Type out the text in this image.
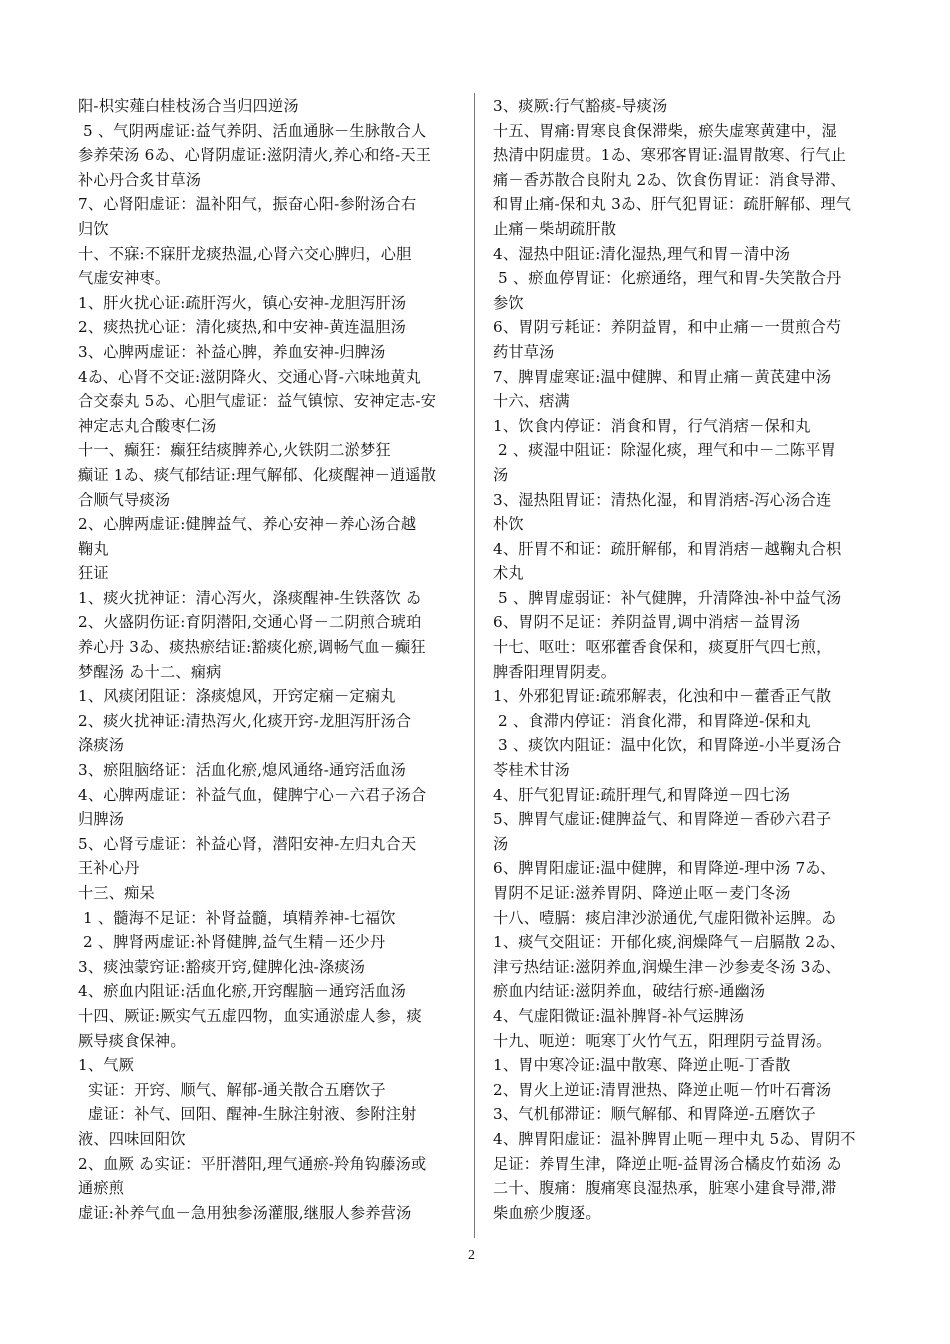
阳-枳实薤白桂枝汤合当归四逆汤
5 、气阴两虚证:益气养阴、活血通脉－生脉散合人
参养荣汤 6ゐ、心肾阴虚证:滋阴清火,养心和络-天王
补心丹合炙甘草汤
7、心肾阳虚证：温补阳气，振奋心阳-参附汤合右
归饮
十、不寐:不寐肝龙痰热温,心肾六交心脾归，心胆
气虚安神枣。
1、肝火扰心证:疏肝泻火，镇心安神-龙胆泻肝汤
2、痰热扰心证：清化痰热,和中安神-黄连温胆汤
3、心脾两虚证：补益心脾，养血安神-归脾汤
4ゐ、心肾不交证:滋阴降火、交通心肾-六味地黄丸
合交泰丸 5ゐ、心胆气虚证：益气镇惊、安神定志-安
神定志丸合酸枣仁汤
十一、癫狂：癫狂结痰脾养心,火铁阴二淤梦狂
癫证 1ゐ、痰气郁结证:理气解郁、化痰醒神－逍遥散
合顺气导痰汤
2、心脾两虚证:健脾益气、养心安神－养心汤合越
鞠丸
狂证
1、痰火扰神证：清心泻火，涤痰醒神-生铁落饮 ゐ
2、火盛阴伤证:育阴潜阳,交通心肾－二阴煎合琥珀
养心丹 3ゐ、痰热瘀结证:豁痰化瘀,调畅气血－癫狂
梦醒汤 ゐ十二、痫病
1、风痰闭阻证：涤痰熄风，开窍定痫－定痫丸
2、痰火扰神证:清热泻火,化痰开窍-龙胆泻肝汤合
涤痰汤
3、瘀阻脑络证：活血化瘀,熄风通络-通窍活血汤
4、心脾两虚证：补益气血，健脾宁心－六君子汤合
归脾汤
5、心肾亏虚证：补益心肾，潜阳安神-左归丸合天
王补心丹
十三、痴呆
1 、髓海不足证：补肾益髓，填精养神-七福饮
2 、脾肾两虚证:补肾健脾,益气生精－还少丹
3、痰浊蒙窍证:豁痰开窍,健脾化浊-涤痰汤
4、瘀血内阻证:活血化瘀,开窍醒脑－通窍活血汤
十四、厥证:厥实气五虚四物，血实通淤虚人参，痰
厥导痰食保神。
1、气厥
实证：开窍、顺气、解郁-通关散合五磨饮子
虚证：补气、回阳、醒神-生脉注射液、参附注射
液、四味回阳饮
2、血厥 ゐ实证：平肝潜阳,理气通瘀-羚角钩藤汤或
通瘀煎
虚证:补养气血－急用独参汤灌服,继服人参养营汤
3、痰厥:行气豁痰-导痰汤
十五、胃痛:胃寒良食保滞柴，瘀失虚寒黄建中，湿
热清中阴虚贯。1ゐ、寒邪客胃证:温胃散寒、行气止
痛－香苏散合良附丸 2ゐ、饮食伤胃证：消食导滞、
和胃止痛-保和丸 3ゐ、肝气犯胃证：疏肝解郁、理气
止痛－柴胡疏肝散
4、湿热中阻证:清化湿热,理气和胃－清中汤
5 、瘀血停胃证：化瘀通络，理气和胃-失笑散合丹
参饮
6、胃阴亏耗证：养阴益胃，和中止痛－一贯煎合芍
药甘草汤
7、脾胃虚寒证:温中健脾、和胃止痛－黄芪建中汤
十六、痞满
1、饮食内停证：消食和胃，行气消痞－保和丸
2 、痰湿中阻证：除湿化痰，理气和中－二陈平胃
汤
3、湿热阻胃证：清热化湿，和胃消痞-泻心汤合连
朴饮
4、肝胃不和证：疏肝解郁，和胃消痞－越鞠丸合枳
术丸
5 、脾胃虚弱证：补气健脾，升清降浊-补中益气汤
6、胃阴不足证：养阴益胃,调中消痞－益胃汤
十七、呕吐：呕邪藿香食保和，痰夏肝气四七煎，
脾香阳理胃阴麦。
1、外邪犯胃证:疏邪解表，化浊和中－藿香正气散
2 、食滞内停证：消食化滞，和胃降逆-保和丸
3 、痰饮内阻证：温中化饮，和胃降逆-小半夏汤合
苓桂术甘汤
4、肝气犯胃证:疏肝理气,和胃降逆－四七汤
5、脾胃气虚证:健脾益气、和胃降逆－香砂六君子
汤
6、脾胃阳虚证:温中健脾，和胃降逆-理中汤 7ゐ、
胃阴不足证:滋养胃阴、降逆止呕－麦门冬汤
十八、噎膈：痰启津沙淤通优,气虚阳微补运脾。ゐ
1、痰气交阻证：开郁化痰,润燥降气－启膈散 2ゐ、
津亏热结证:滋阴养血,润燥生津－沙参麦冬汤 3ゐ、
瘀血内结证:滋阴养血，破结行瘀-通幽汤
4、气虚阳微证:温补脾肾-补气运脾汤
十九、呃逆：呃寒丁火竹气五，阳理阴亏益胃汤。
1、胃中寒冷证:温中散寒、降逆止呃-丁香散
2、胃火上逆证:清胃泄热、降逆止呃－竹叶石膏汤
3、气机郁滞证：顺气解郁、和胃降逆-五磨饮子
4、脾胃阳虚证：温补脾胃止呃－理中丸 5ゐ、胃阴不
足证：养胃生津，降逆止呃-益胃汤合橘皮竹茹汤 ゐ
二十、腹痛：腹痛寒良湿热承，脏寒小建食导滞,滞
柴血瘀少腹逐。
2
